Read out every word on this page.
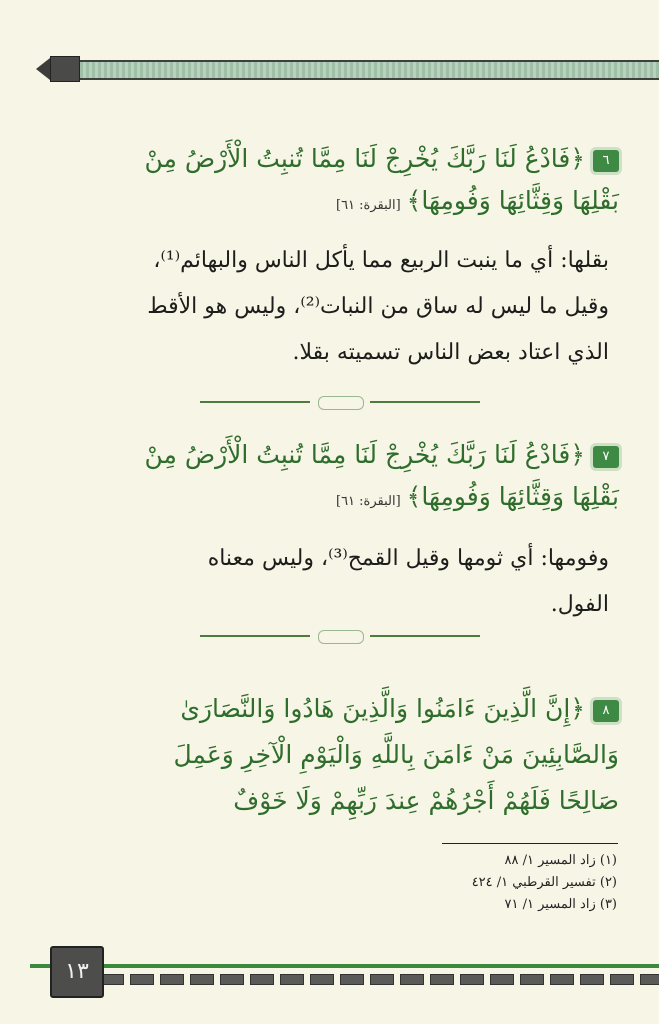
٦﴿فَادْعُ لَنَا رَبَّكَ يُخْرِجْ لَنَا مِمَّا تُنبِتُ الْأَرْضُ مِنْ
بَقْلِهَا وَقِثَّائِهَا وَفُومِهَا﴾[البقرة: ٦١]
بقلها: أي ما ينبت الربيع مما يأكل الناس والبهائم⁽¹⁾،
وقيل ما ليس له ساق من النبات⁽²⁾، وليس هو الأقط
الذي اعتاد بعض الناس تسميته بقلا.
٧﴿فَادْعُ لَنَا رَبَّكَ يُخْرِجْ لَنَا مِمَّا تُنبِتُ الْأَرْضُ مِنْ
بَقْلِهَا وَقِثَّائِهَا وَفُومِهَا﴾[البقرة: ٦١]
وفومها: أي ثومها وقيل القمح⁽³⁾، وليس معناه
الفول.
٨﴿إِنَّ الَّذِينَ ءَامَنُوا وَالَّذِينَ هَادُوا وَالنَّصَارَىٰ
وَالصَّابِئِينَ مَنْ ءَامَنَ بِاللَّهِ وَالْيَوْمِ الْآخِرِ وَعَمِلَ
صَالِحًا فَلَهُمْ أَجْرُهُمْ عِندَ رَبِّهِمْ وَلَا خَوْفٌ
(١) زاد المسير ١/ ٨٨
(٢) تفسير القرطبي ١/ ٤٢٤
(٣) زاد المسير ١/ ٧١
١٣
